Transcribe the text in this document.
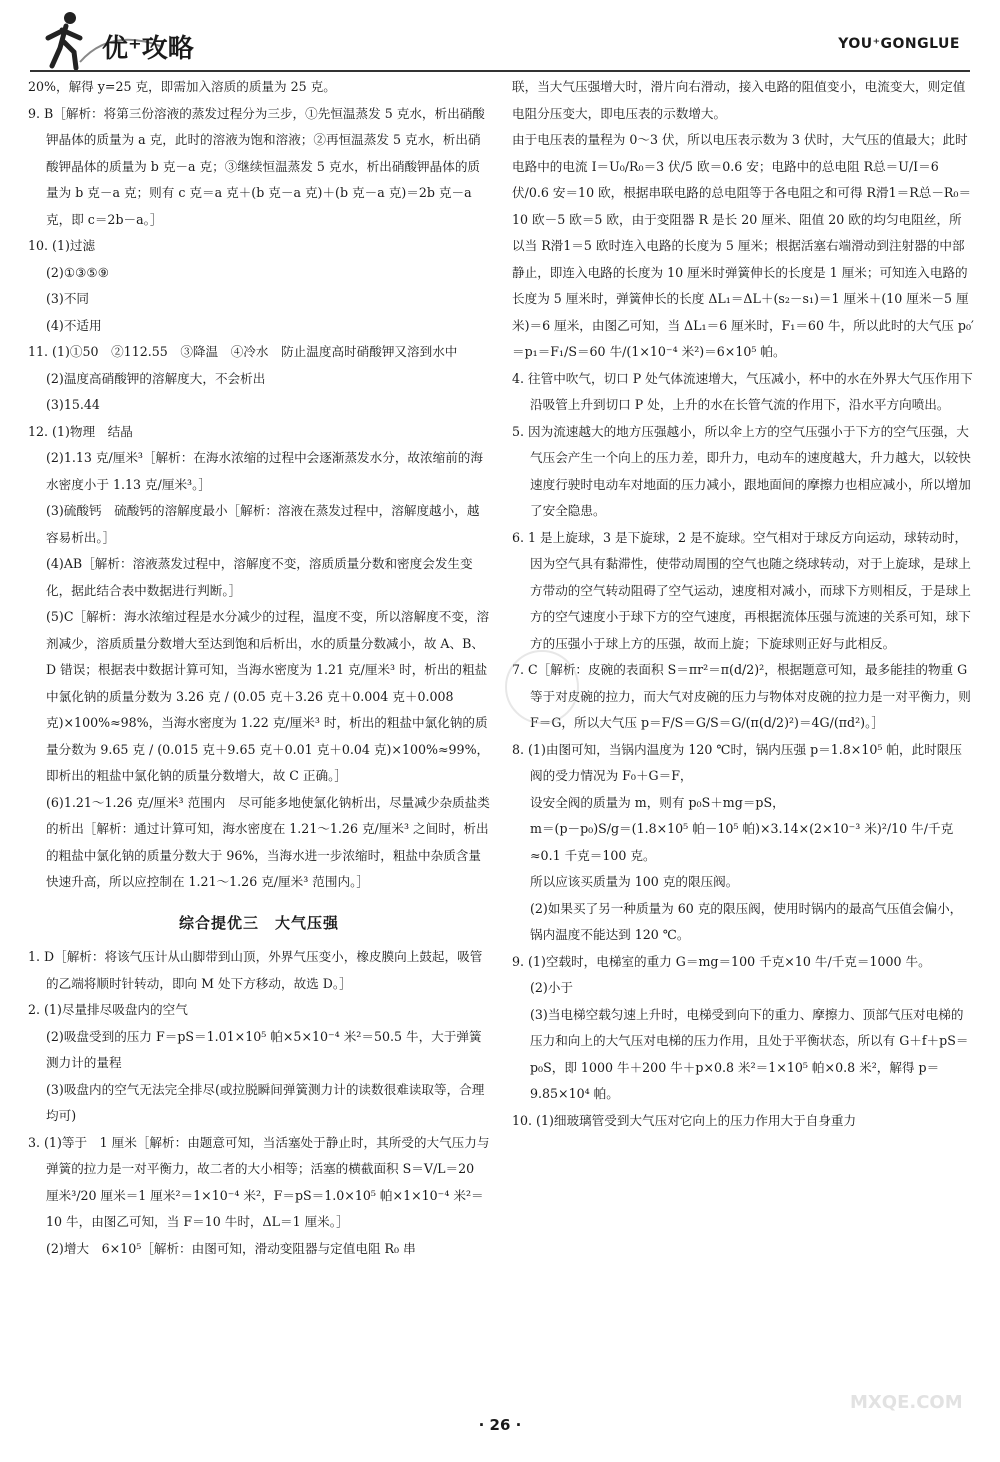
优⁺攻略	YOU⁺GONGLUE

20%，解得 y=25 克，即需加入溶质的质量为 25 克。

9. B［解析：将第三份溶液的蒸发过程分为三步，①先恒温蒸发 5 克水，析出硝酸钾晶体的质量为 a 克，此时的溶液为饱和溶液；②再恒温蒸发 5 克水，析出硝酸钾晶体的质量为 b 克－a 克；③继续恒温蒸发 5 克水，析出硝酸钾晶体的质量为 b 克－a 克；则有 c 克＝a 克＋(b 克－a 克)＋(b 克－a 克)＝2b 克－a 克，即 c＝2b－a。］

10. (1)过滤

(2)①③⑤⑨

(3)不同

(4)不适用

11. (1)①50　②112.55　③降温　④冷水　防止温度高时硝酸钾又溶到水中

(2)温度高硝酸钾的溶解度大，不会析出

(3)15.44

12. (1)物理　结晶

(2)1.13 克/厘米³［解析：在海水浓缩的过程中会逐渐蒸发水分，故浓缩前的海水密度小于 1.13 克/厘米³。］

(3)硫酸钙　硫酸钙的溶解度最小［解析：溶液在蒸发过程中，溶解度越小，越容易析出。］

(4)AB［解析：溶液蒸发过程中，溶解度不变，溶质质量分数和密度会发生变化，据此结合表中数据进行判断。］

(5)C［解析：海水浓缩过程是水分减少的过程，温度不变，所以溶解度不变，溶剂减少，溶质质量分数增大至达到饱和后析出，水的质量分数减小，故 A、B、D 错误；根据表中数据计算可知，当海水密度为 1.21 克/厘米³ 时，析出的粗盐中氯化钠的质量分数为 3.26 克 / (0.05 克＋3.26 克＋0.004 克＋0.008 克)×100%≈98%，当海水密度为 1.22 克/厘米³ 时，析出的粗盐中氯化钠的质量分数为 9.65 克 / (0.015 克＋9.65 克＋0.01 克＋0.04 克)×100%≈99%，即析出的粗盐中氯化钠的质量分数增大，故 C 正确。］

(6)1.21～1.26 克/厘米³ 范围内　尽可能多地使氯化钠析出，尽量减少杂质盐类的析出［解析：通过计算可知，海水密度在 1.21～1.26 克/厘米³ 之间时，析出的粗盐中氯化钠的质量分数大于 96%，当海水进一步浓缩时，粗盐中杂质含量快速升高，所以应控制在 1.21～1.26 克/厘米³ 范围内。］

综合提优三　大气压强

1. D［解析：将该气压计从山脚带到山顶，外界气压变小，橡皮膜向上鼓起，吸管的乙端将顺时针转动，即向 M 处下方移动，故选 D。］

2. (1)尽量排尽吸盘内的空气

(2)吸盘受到的压力 F＝pS＝1.01×10⁵ 帕×5×10⁻⁴ 米²＝50.5 牛，大于弹簧测力计的量程

(3)吸盘内的空气无法完全排尽(或拉脱瞬间弹簧测力计的读数很难读取等，合理均可)

3. (1)等于　1 厘米［解析：由题意可知，当活塞处于静止时，其所受的大气压力与弹簧的拉力是一对平衡力，故二者的大小相等；活塞的横截面积 S＝V/L＝20 厘米³/20 厘米＝1 厘米²＝1×10⁻⁴ 米²，F＝pS＝1.0×10⁵ 帕×1×10⁻⁴ 米²＝10 牛，由图乙可知，当 F＝10 牛时，ΔL＝1 厘米。］

(2)增大　6×10⁵［解析：由图可知，滑动变阻器与定值电阻 R₀ 串

联，当大气压强增大时，滑片向右滑动，接入电路的阻值变小，电流变大，则定值电阻分压变大，即电压表的示数增大。

由于电压表的量程为 0～3 伏，所以电压表示数为 3 伏时，大气压的值最大；此时电路中的电流 I＝U₀/R₀＝3 伏/5 欧＝0.6 安；电路中的总电阻 R总＝U/I＝6 伏/0.6 安＝10 欧，根据串联电路的总电阻等于各电阻之和可得 R滑1＝R总－R₀＝10 欧－5 欧＝5 欧，由于变阻器 R 是长 20 厘米、阻值 20 欧的均匀电阻丝，所以当 R滑1＝5 欧时连入电路的长度为 5 厘米；根据活塞右端滑动到注射器的中部静止，即连入电路的长度为 10 厘米时弹簧伸长的长度是 1 厘米；可知连入电路的长度为 5 厘米时，弹簧伸长的长度 ΔL₁＝ΔL＋(s₂－s₁)＝1 厘米＋(10 厘米－5 厘米)＝6 厘米，由图乙可知，当 ΔL₁＝6 厘米时，F₁＝60 牛，所以此时的大气压 p₀′＝p₁＝F₁/S＝60 牛/(1×10⁻⁴ 米²)＝6×10⁵ 帕。

4. 往管中吹气，切口 P 处气体流速增大，气压减小，杯中的水在外界大气压作用下沿吸管上升到切口 P 处，上升的水在长管气流的作用下，沿水平方向喷出。

5. 因为流速越大的地方压强越小，所以伞上方的空气压强小于下方的空气压强，大气压会产生一个向上的压力差，即升力，电动车的速度越大，升力越大，以较快速度行驶时电动车对地面的压力减小，跟地面间的摩擦力也相应减小，所以增加了安全隐患。

6. 1 是上旋球，3 是下旋球，2 是不旋球。空气相对于球反方向运动，球转动时，因为空气具有黏滞性，使带动周围的空气也随之绕球转动，对于上旋球，是球上方带动的空气转动阻碍了空气运动，速度相对减小，而球下方则相反，于是球上方的空气速度小于球下方的空气速度，再根据流体压强与流速的关系可知，球下方的压强小于球上方的压强，故而上旋；下旋球则正好与此相反。

7. C［解析：皮碗的表面积 S＝πr²＝π(d/2)²，根据题意可知，最多能挂的物重 G 等于对皮碗的拉力，而大气对皮碗的压力与物体对皮碗的拉力是一对平衡力，则 F＝G，所以大气压 p＝F/S＝G/S＝G/(π(d/2)²)＝4G/(πd²)。］

8. (1)由图可知，当锅内温度为 120 ℃时，锅内压强 p＝1.8×10⁵ 帕，此时限压阀的受力情况为 F₀＋G＝F，

设安全阀的质量为 m，则有 p₀S＋mg＝pS，

m＝(p－p₀)S/g＝(1.8×10⁵ 帕－10⁵ 帕)×3.14×(2×10⁻³ 米)²/10 牛/千克

≈0.1 千克＝100 克。

所以应该买质量为 100 克的限压阀。

(2)如果买了另一种质量为 60 克的限压阀，使用时锅内的最高气压值会偏小，锅内温度不能达到 120 ℃。

9. (1)空载时，电梯室的重力 G＝mg＝100 千克×10 牛/千克＝1000 牛。

(2)小于

(3)当电梯空载匀速上升时，电梯受到向下的重力、摩擦力、顶部气压对电梯的压力和向上的大气压对电梯的压力作用，且处于平衡状态，所以有 G＋f＋pS＝p₀S，即 1000 牛＋200 牛＋p×0.8 米²＝1×10⁵ 帕×0.8 米²，解得 p＝9.85×10⁴ 帕。

10. (1)细玻璃管受到大气压对它向上的压力作用大于自身重力

MXQE.COM
· 26 ·
